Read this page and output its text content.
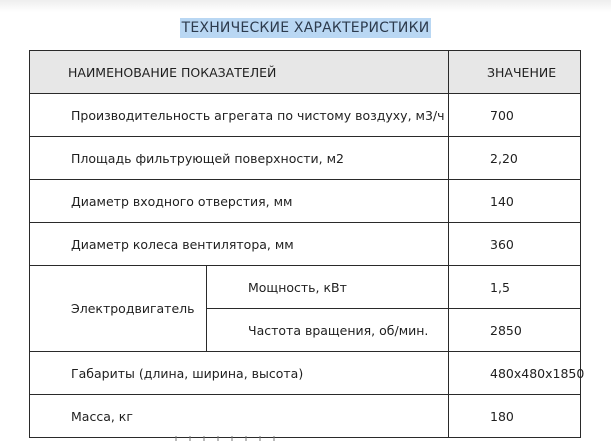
ТЕХНИЧЕСКИЕ ХАРАКТЕРИСТИКИ
НАИМЕНОВАНИЕ ПОКАЗАТЕЛЕЙ		ЗНАЧЕНИЕ
Производительность агрегата по чистому воздуху, м3/ч		700
Площадь фильтрующей поверхности, м2		2,20
Диаметр входного отверстия, мм		140
Диаметр колеса вентилятора, мм		360
Электродвигатель	Мощность, кВт	1,5
	Частота вращения, об/мин.	2850
Габариты (длина, ширина, высота)		480x480x1850
Масса, кг		180
